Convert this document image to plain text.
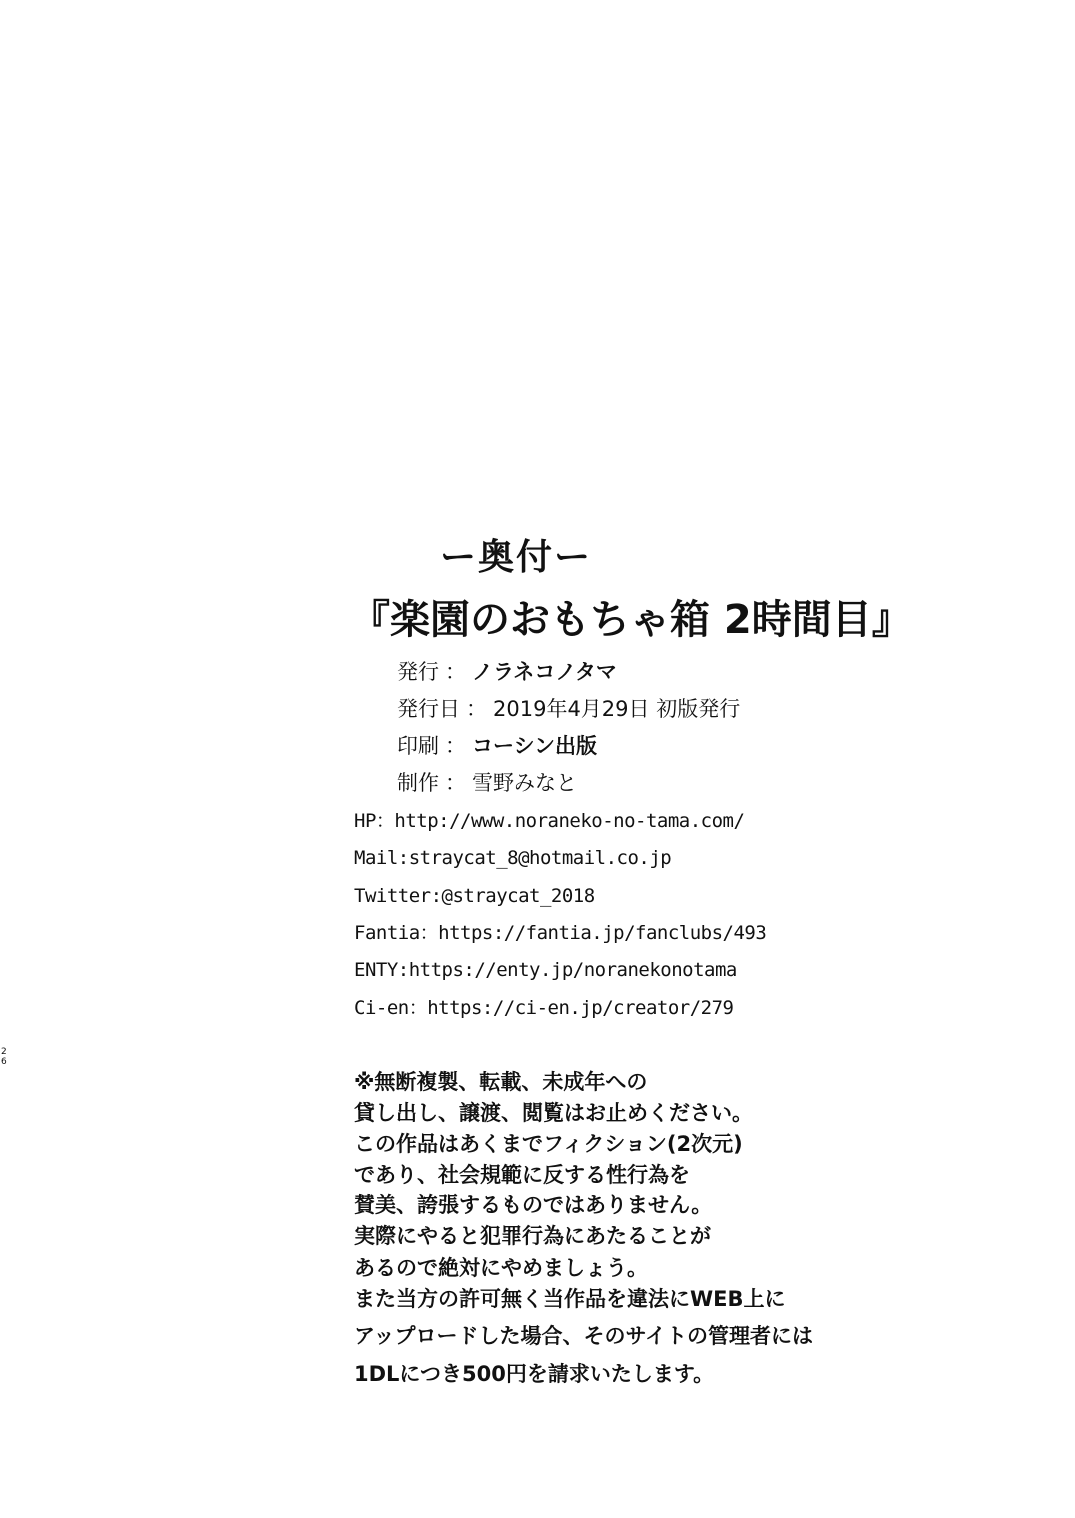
ー奥付ー
『楽園のおもちゃ箱 2時間目』
発行 ： ノラネコノタマ
発行日 ： 2019年4月29日 初版発行
印刷 ： コーシン出版
制作 ： 雪野みなと
HP：http://www.noraneko-no-tama.com/
Mail:straycat_8@hotmail.co.jp
Twitter:@straycat_2018
Fantia：https://fantia.jp/fanclubs/493
ENTY:https://enty.jp/noranekonotama
Ci-en：https://ci-en.jp/creator/279
※無断複製、転載、未成年への
貸し出し、譲渡、閲覧はお止めください。
この作品はあくまでフィクション(2次元)
であり、社会規範に反する性行為を
賛美、誇張するものではありません。
実際にやると犯罪行為にあたることが
あるので絶対にやめましょう。
また当方の許可無く当作品を違法にWEB上に
アップロードした場合、そのサイトの管理者には
1DLにつき500円を請求いたします。
26
